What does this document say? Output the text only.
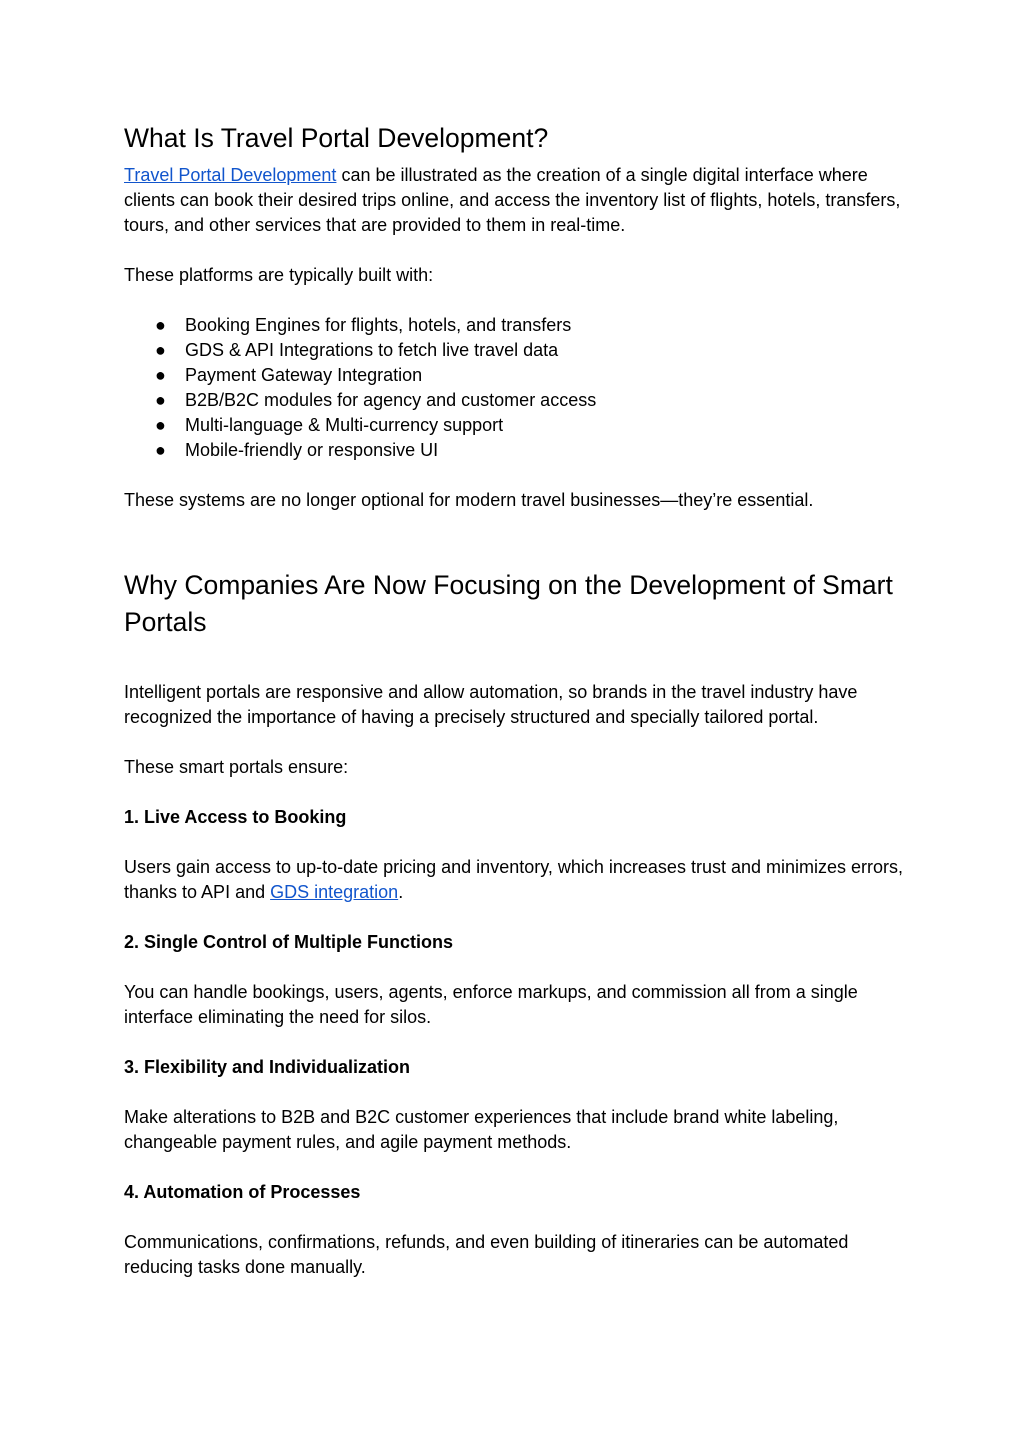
What Is Travel Portal Development?

Travel Portal Development can be illustrated as the creation of a single digital interface where clients can book their desired trips online, and access the inventory list of flights, hotels, transfers, tours, and other services that are provided to them in real-time.

These platforms are typically built with:

● Booking Engines for flights, hotels, and transfers
● GDS & API Integrations to fetch live travel data
● Payment Gateway Integration
● B2B/B2C modules for agency and customer access
● Multi-language & Multi-currency support
● Mobile-friendly or responsive UI

These systems are no longer optional for modern travel businesses—they’re essential.

Why Companies Are Now Focusing on the Development of Smart Portals

Intelligent portals are responsive and allow automation, so brands in the travel industry have recognized the importance of having a precisely structured and specially tailored portal.

These smart portals ensure:

1. Live Access to Booking

Users gain access to up-to-date pricing and inventory, which increases trust and minimizes errors, thanks to API and GDS integration.

2. Single Control of Multiple Functions

You can handle bookings, users, agents, enforce markups, and commission all from a single interface eliminating the need for silos.

3. Flexibility and Individualization

Make alterations to B2B and B2C customer experiences that include brand white labeling, changeable payment rules, and agile payment methods.

4. Automation of Processes

Communications, confirmations, refunds, and even building of itineraries can be automated reducing tasks done manually.
